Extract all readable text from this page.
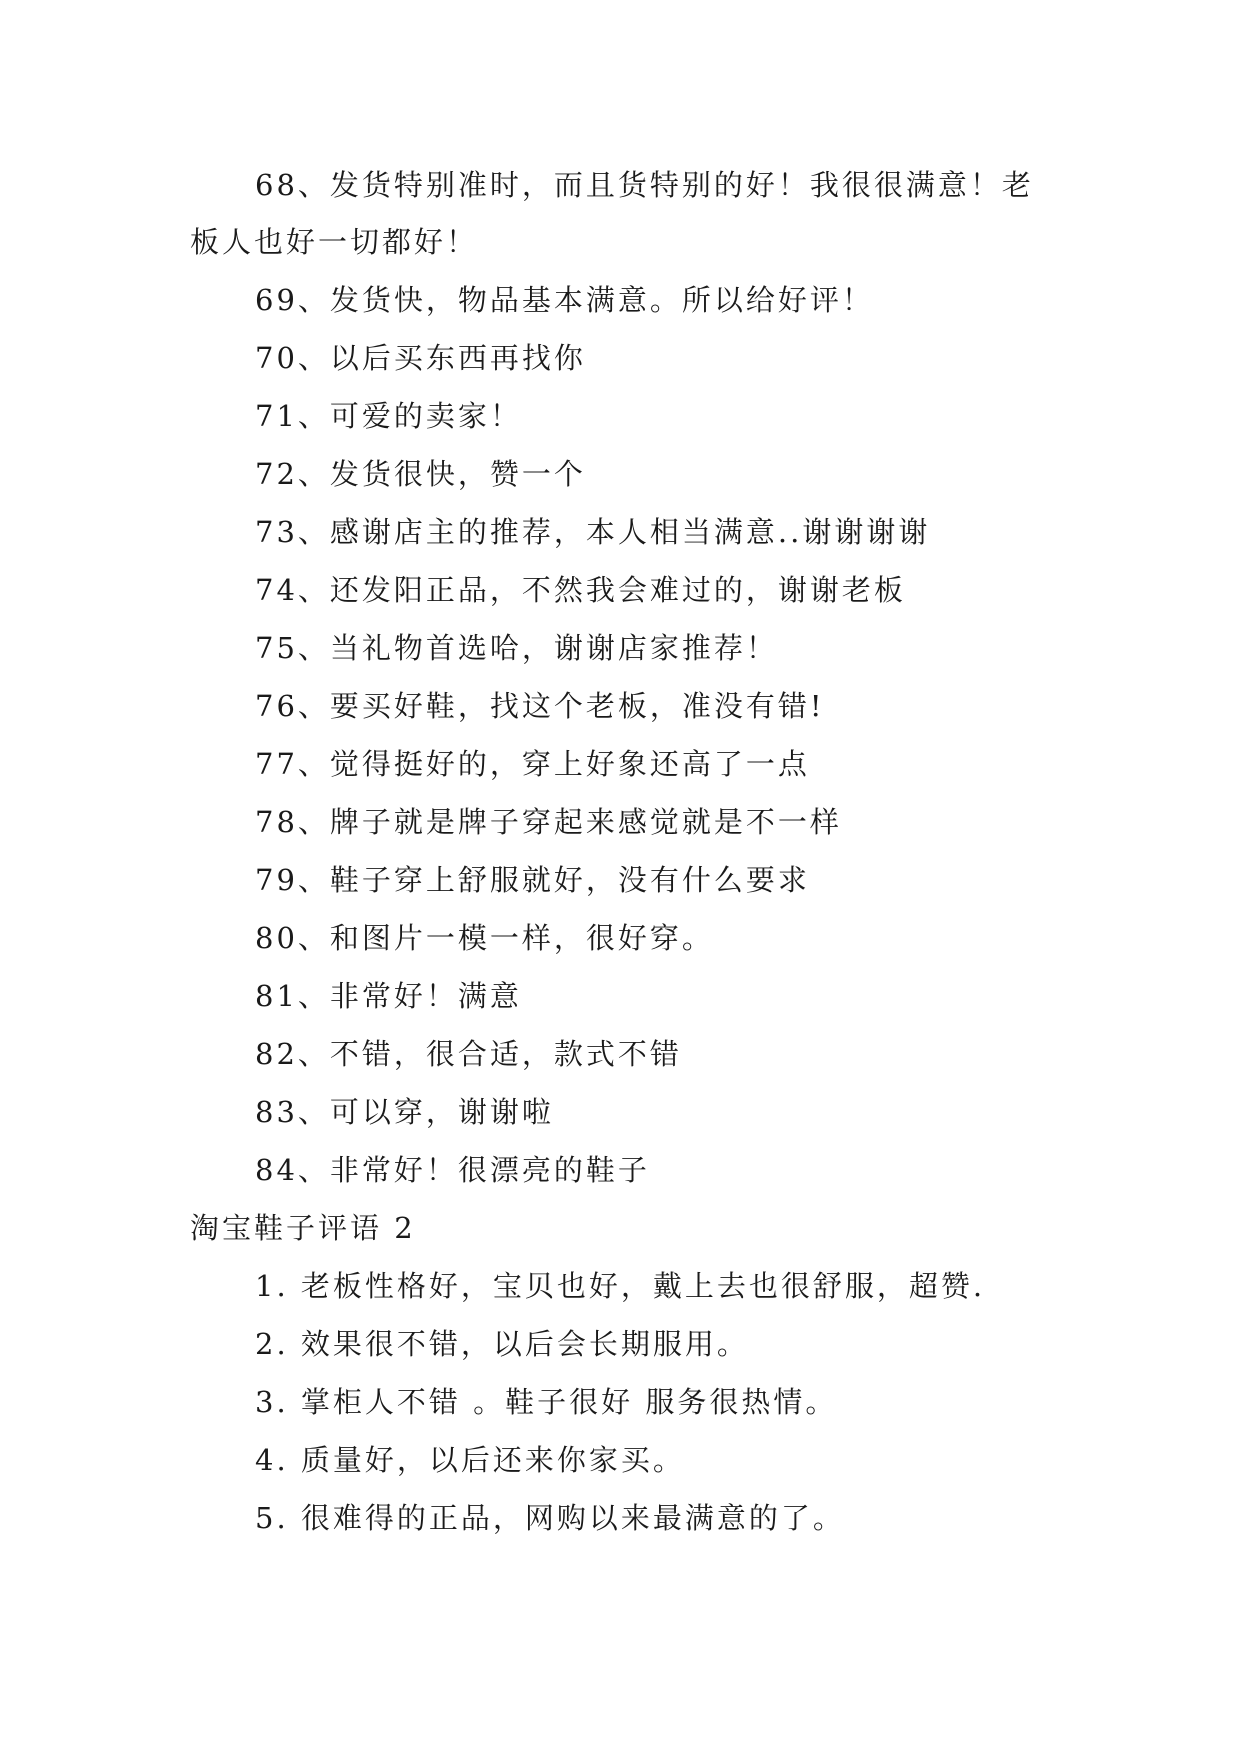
68、发货特别准时，而且货特别的好！我很很满意！老
板人也好一切都好！
69、发货快，物品基本满意。所以给好评！
70、以后买东西再找你
71、可爱的卖家！
72、发货很快，赞一个
73、感谢店主的推荐，本人相当满意..谢谢谢谢
74、还发阳正品，不然我会难过的，谢谢老板
75、当礼物首选哈，谢谢店家推荐！
76、要买好鞋，找这个老板，准没有错!
77、觉得挺好的，穿上好象还高了一点
78、牌子就是牌子穿起来感觉就是不一样
79、鞋子穿上舒服就好，没有什么要求
80、和图片一模一样，很好穿。
81、非常好！满意
82、不错，很合适，款式不错
83、可以穿，谢谢啦
84、非常好！很漂亮的鞋子
淘宝鞋子评语 2
1. 老板性格好，宝贝也好，戴上去也很舒服，超赞.
2. 效果很不错，以后会长期服用。
3. 掌柜人不错 。鞋子很好 服务很热情。
4. 质量好，以后还来你家买。
5. 很难得的正品，网购以来最满意的了。
